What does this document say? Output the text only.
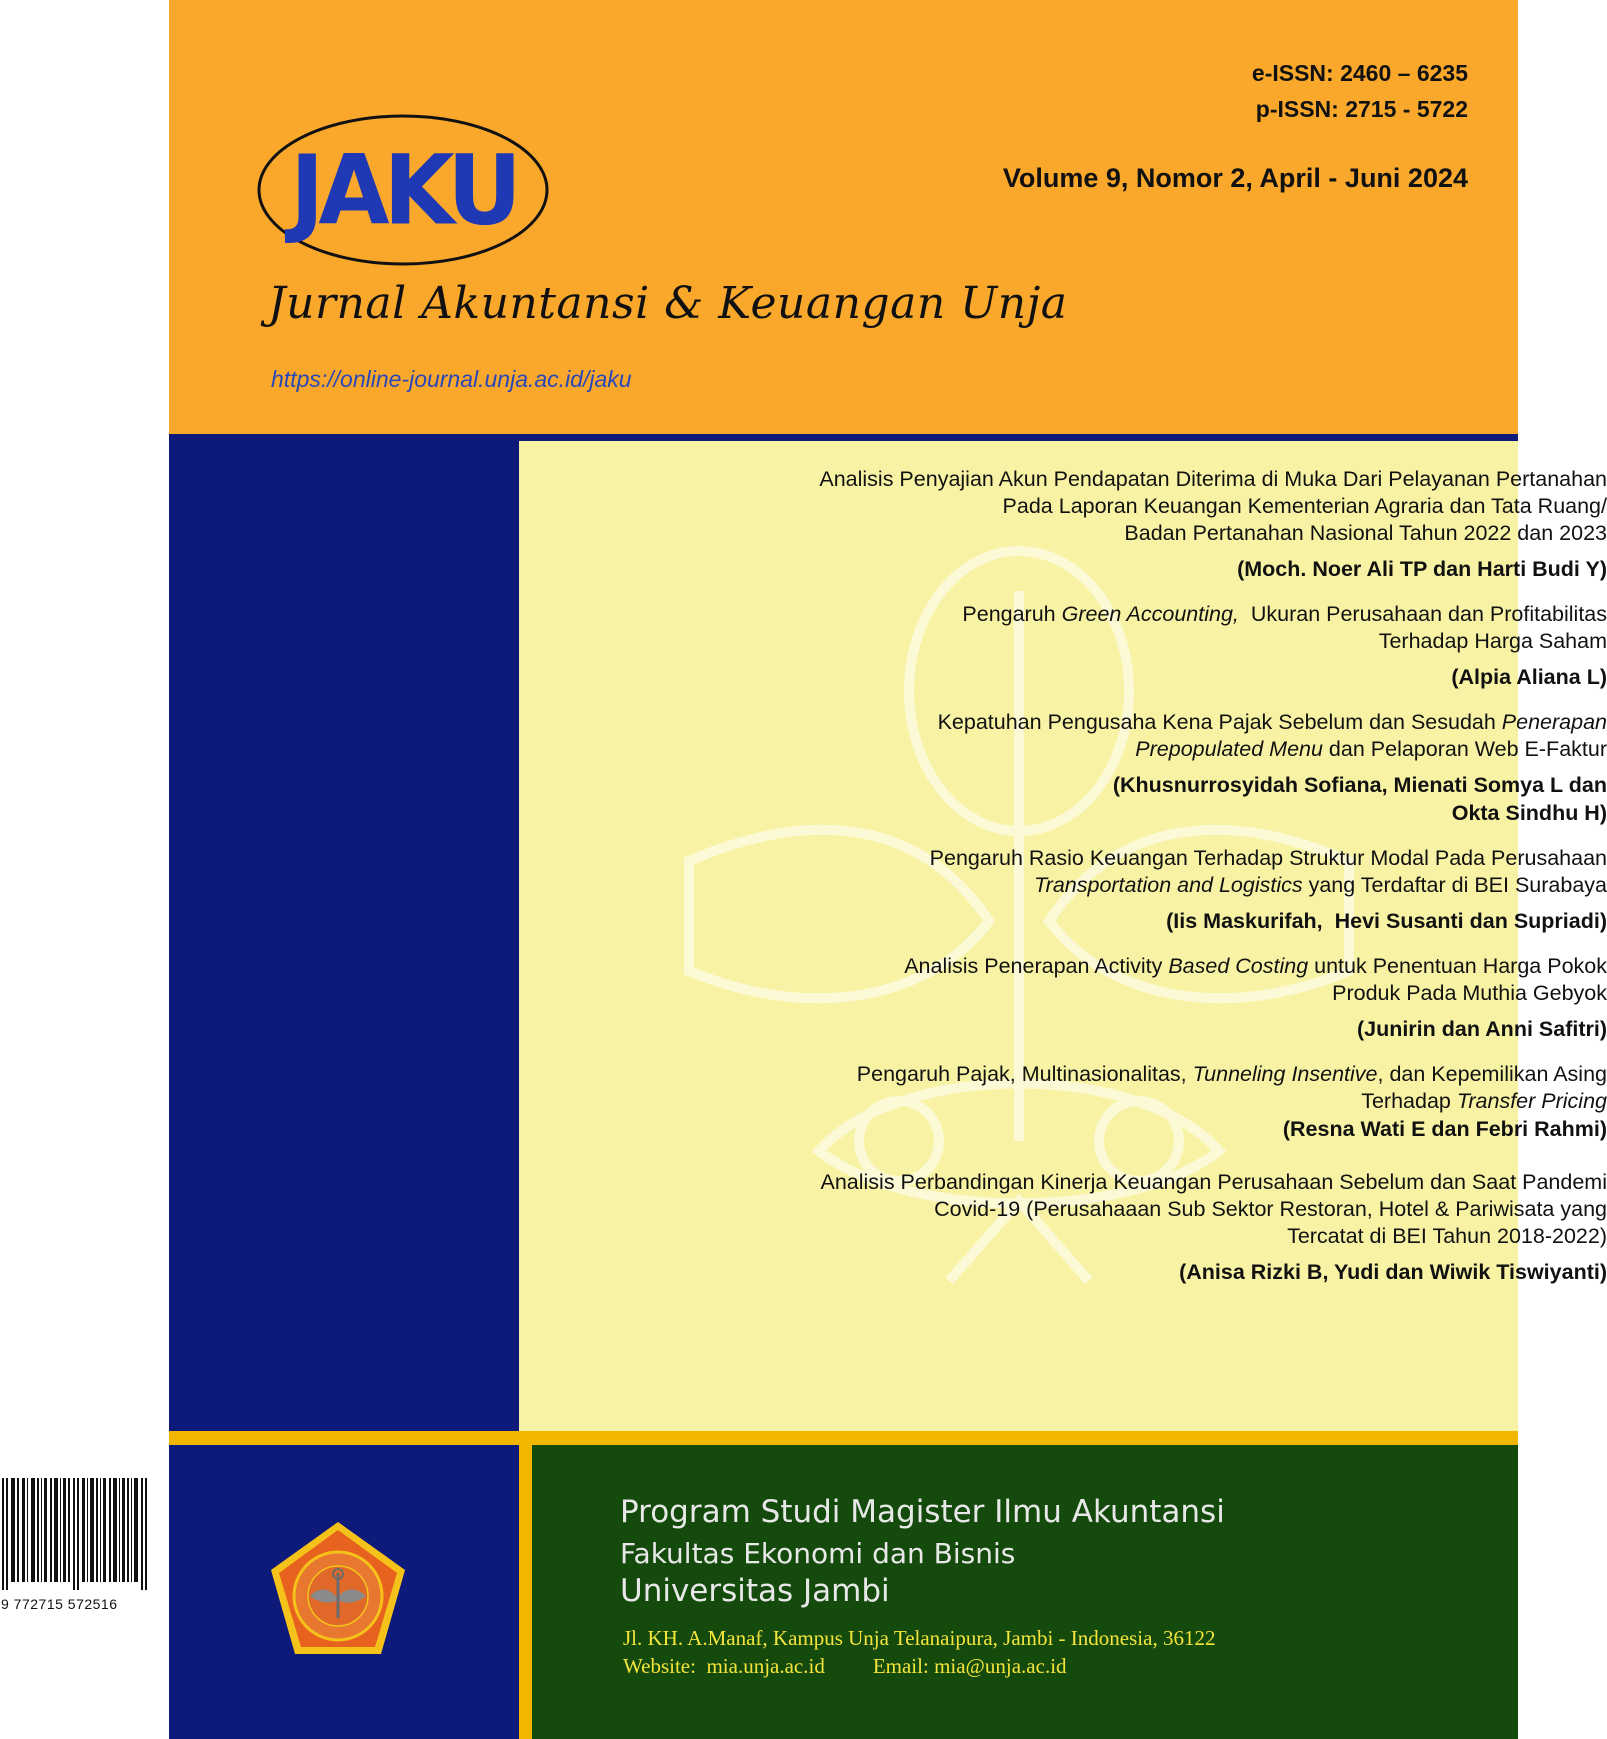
JAKU
Jurnal Akuntansi & Keuangan Unja
https://online-journal.unja.ac.id/jaku
e-ISSN: 2460 – 6235
p-ISSN: 2715 - 5722
Volume 9, Nomor 2, April - Juni 2024
Analisis Penyajian Akun Pendapatan Diterima di Muka Dari Pelayanan Pertanahan
Pada Laporan Keuangan Kementerian Agraria dan Tata Ruang/
Badan Pertanahan Nasional Tahun 2022 dan 2023
(Moch. Noer Ali TP dan Harti Budi Y)
Pengaruh Green Accounting,  Ukuran Perusahaan dan Profitabilitas
Terhadap Harga Saham
(Alpia Aliana L)
Kepatuhan Pengusaha Kena Pajak Sebelum dan Sesudah Penerapan
Prepopulated Menu dan Pelaporan Web E-Faktur
(Khusnurrosyidah Sofiana, Mienati Somya L dan
Okta Sindhu H)
Pengaruh Rasio Keuangan Terhadap Struktur Modal Pada Perusahaan
Transportation and Logistics yang Terdaftar di BEI Surabaya
(Iis Maskurifah,  Hevi Susanti dan Supriadi)
Analisis Penerapan Activity Based Costing untuk Penentuan Harga Pokok
Produk Pada Muthia Gebyok
(Junirin dan Anni Safitri)
Pengaruh Pajak, Multinasionalitas, Tunneling Insentive, dan Kepemilikan Asing
Terhadap Transfer Pricing
(Resna Wati E dan Febri Rahmi)
Analisis Perbandingan Kinerja Keuangan Perusahaan Sebelum dan Saat Pandemi
Covid-19 (Perusahaaan Sub Sektor Restoran, Hotel & Pariwisata yang
Tercatat di BEI Tahun 2018-2022)
(Anisa Rizki B, Yudi dan Wiwik Tiswiyanti)
Program Studi Magister Ilmu Akuntansi
Fakultas Ekonomi dan Bisnis
Universitas Jambi
Jl. KH. A.Manaf, Kampus Unja Telanaipura, Jambi - Indonesia, 36122
Website:  mia.unja.ac.id Email: mia@unja.ac.id
9 772715 572516
